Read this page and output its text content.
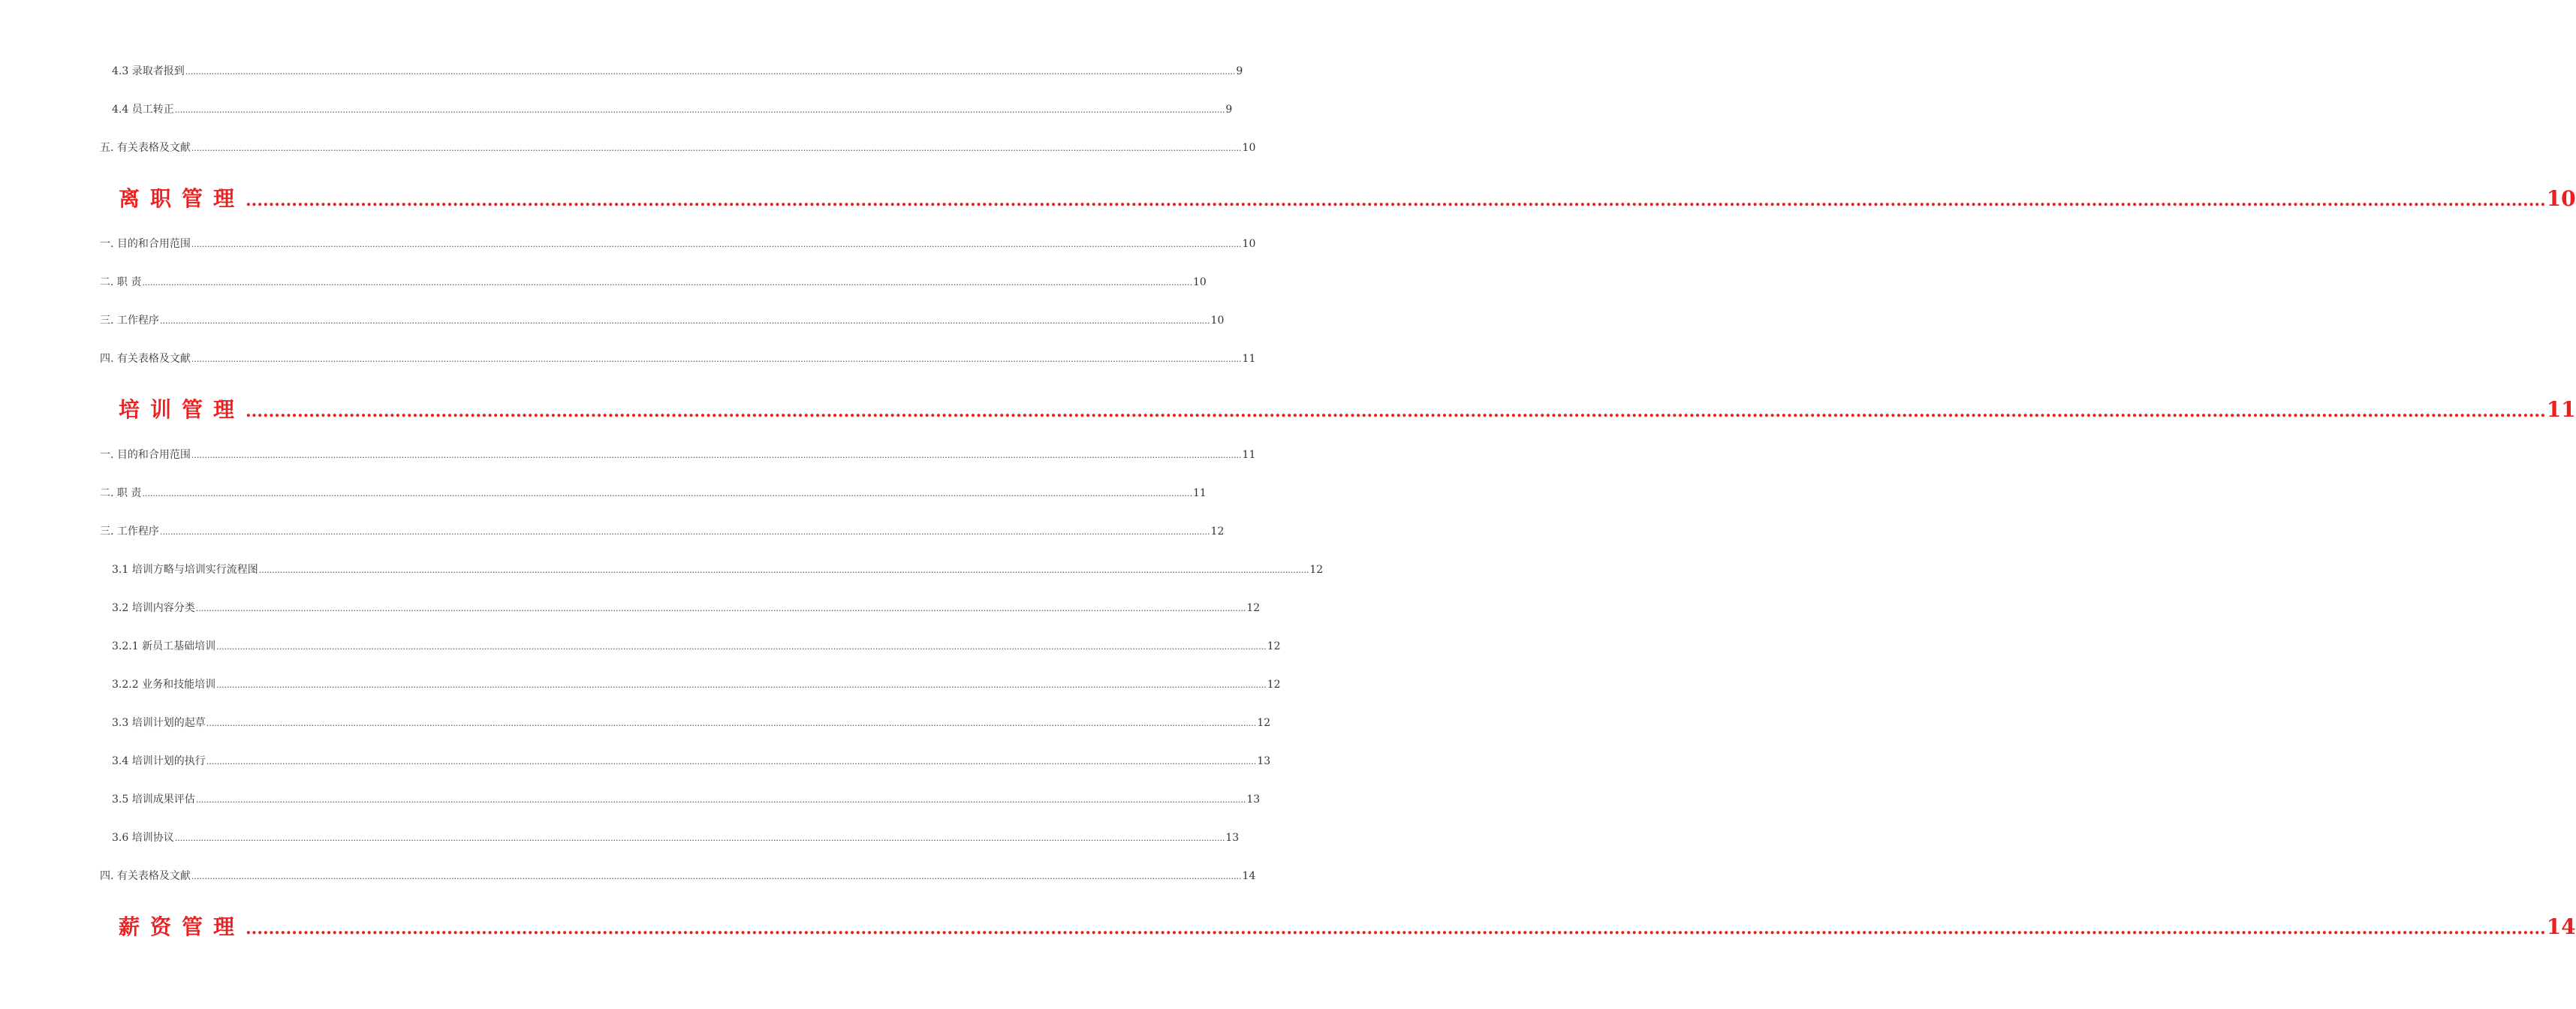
4.3 录取者报到 ................................................................................................................................................................................................................................................................................................................................................................................................................ 9
4.4 员工转正 ................................................................................................................................................................................................................................................................................................................................................................................................................ 9
五. 有关表格及文献 ................................................................................................................................................................................................................................................................................................................................................................................................................ 10
离职管理 ................................................................................................................................................................................................................................................................................................................................................................................................................ 10
一. 目的和合用范围 ................................................................................................................................................................................................................................................................................................................................................................................................................ 10
二. 职 责 ................................................................................................................................................................................................................................................................................................................................................................................................................ 10
三. 工作程序 ................................................................................................................................................................................................................................................................................................................................................................................................................ 10
四. 有关表格及文献 ................................................................................................................................................................................................................................................................................................................................................................................................................ 11
培训管理 ................................................................................................................................................................................................................................................................................................................................................................................................................ 11
一. 目的和合用范围 ................................................................................................................................................................................................................................................................................................................................................................................................................ 11
二. 职 责 ................................................................................................................................................................................................................................................................................................................................................................................................................ 11
三. 工作程序 ................................................................................................................................................................................................................................................................................................................................................................................................................ 12
3.1 培训方略与培训实行流程图 ................................................................................................................................................................................................................................................................................................................................................................................................................ 12
3.2 培训内容分类 ................................................................................................................................................................................................................................................................................................................................................................................................................ 12
3.2.1 新员工基础培训 ................................................................................................................................................................................................................................................................................................................................................................................................................ 12
3.2.2 业务和技能培训 ................................................................................................................................................................................................................................................................................................................................................................................................................ 12
3.3 培训计划的起草 ................................................................................................................................................................................................................................................................................................................................................................................................................ 12
3.4 培训计划的执行 ................................................................................................................................................................................................................................................................................................................................................................................................................ 13
3.5 培训成果评估 ................................................................................................................................................................................................................................................................................................................................................................................................................ 13
3.6 培训协议 ................................................................................................................................................................................................................................................................................................................................................................................................................ 13
四. 有关表格及文献 ................................................................................................................................................................................................................................................................................................................................................................................................................ 14
薪资管理 ................................................................................................................................................................................................................................................................................................................................................................................................................ 14
